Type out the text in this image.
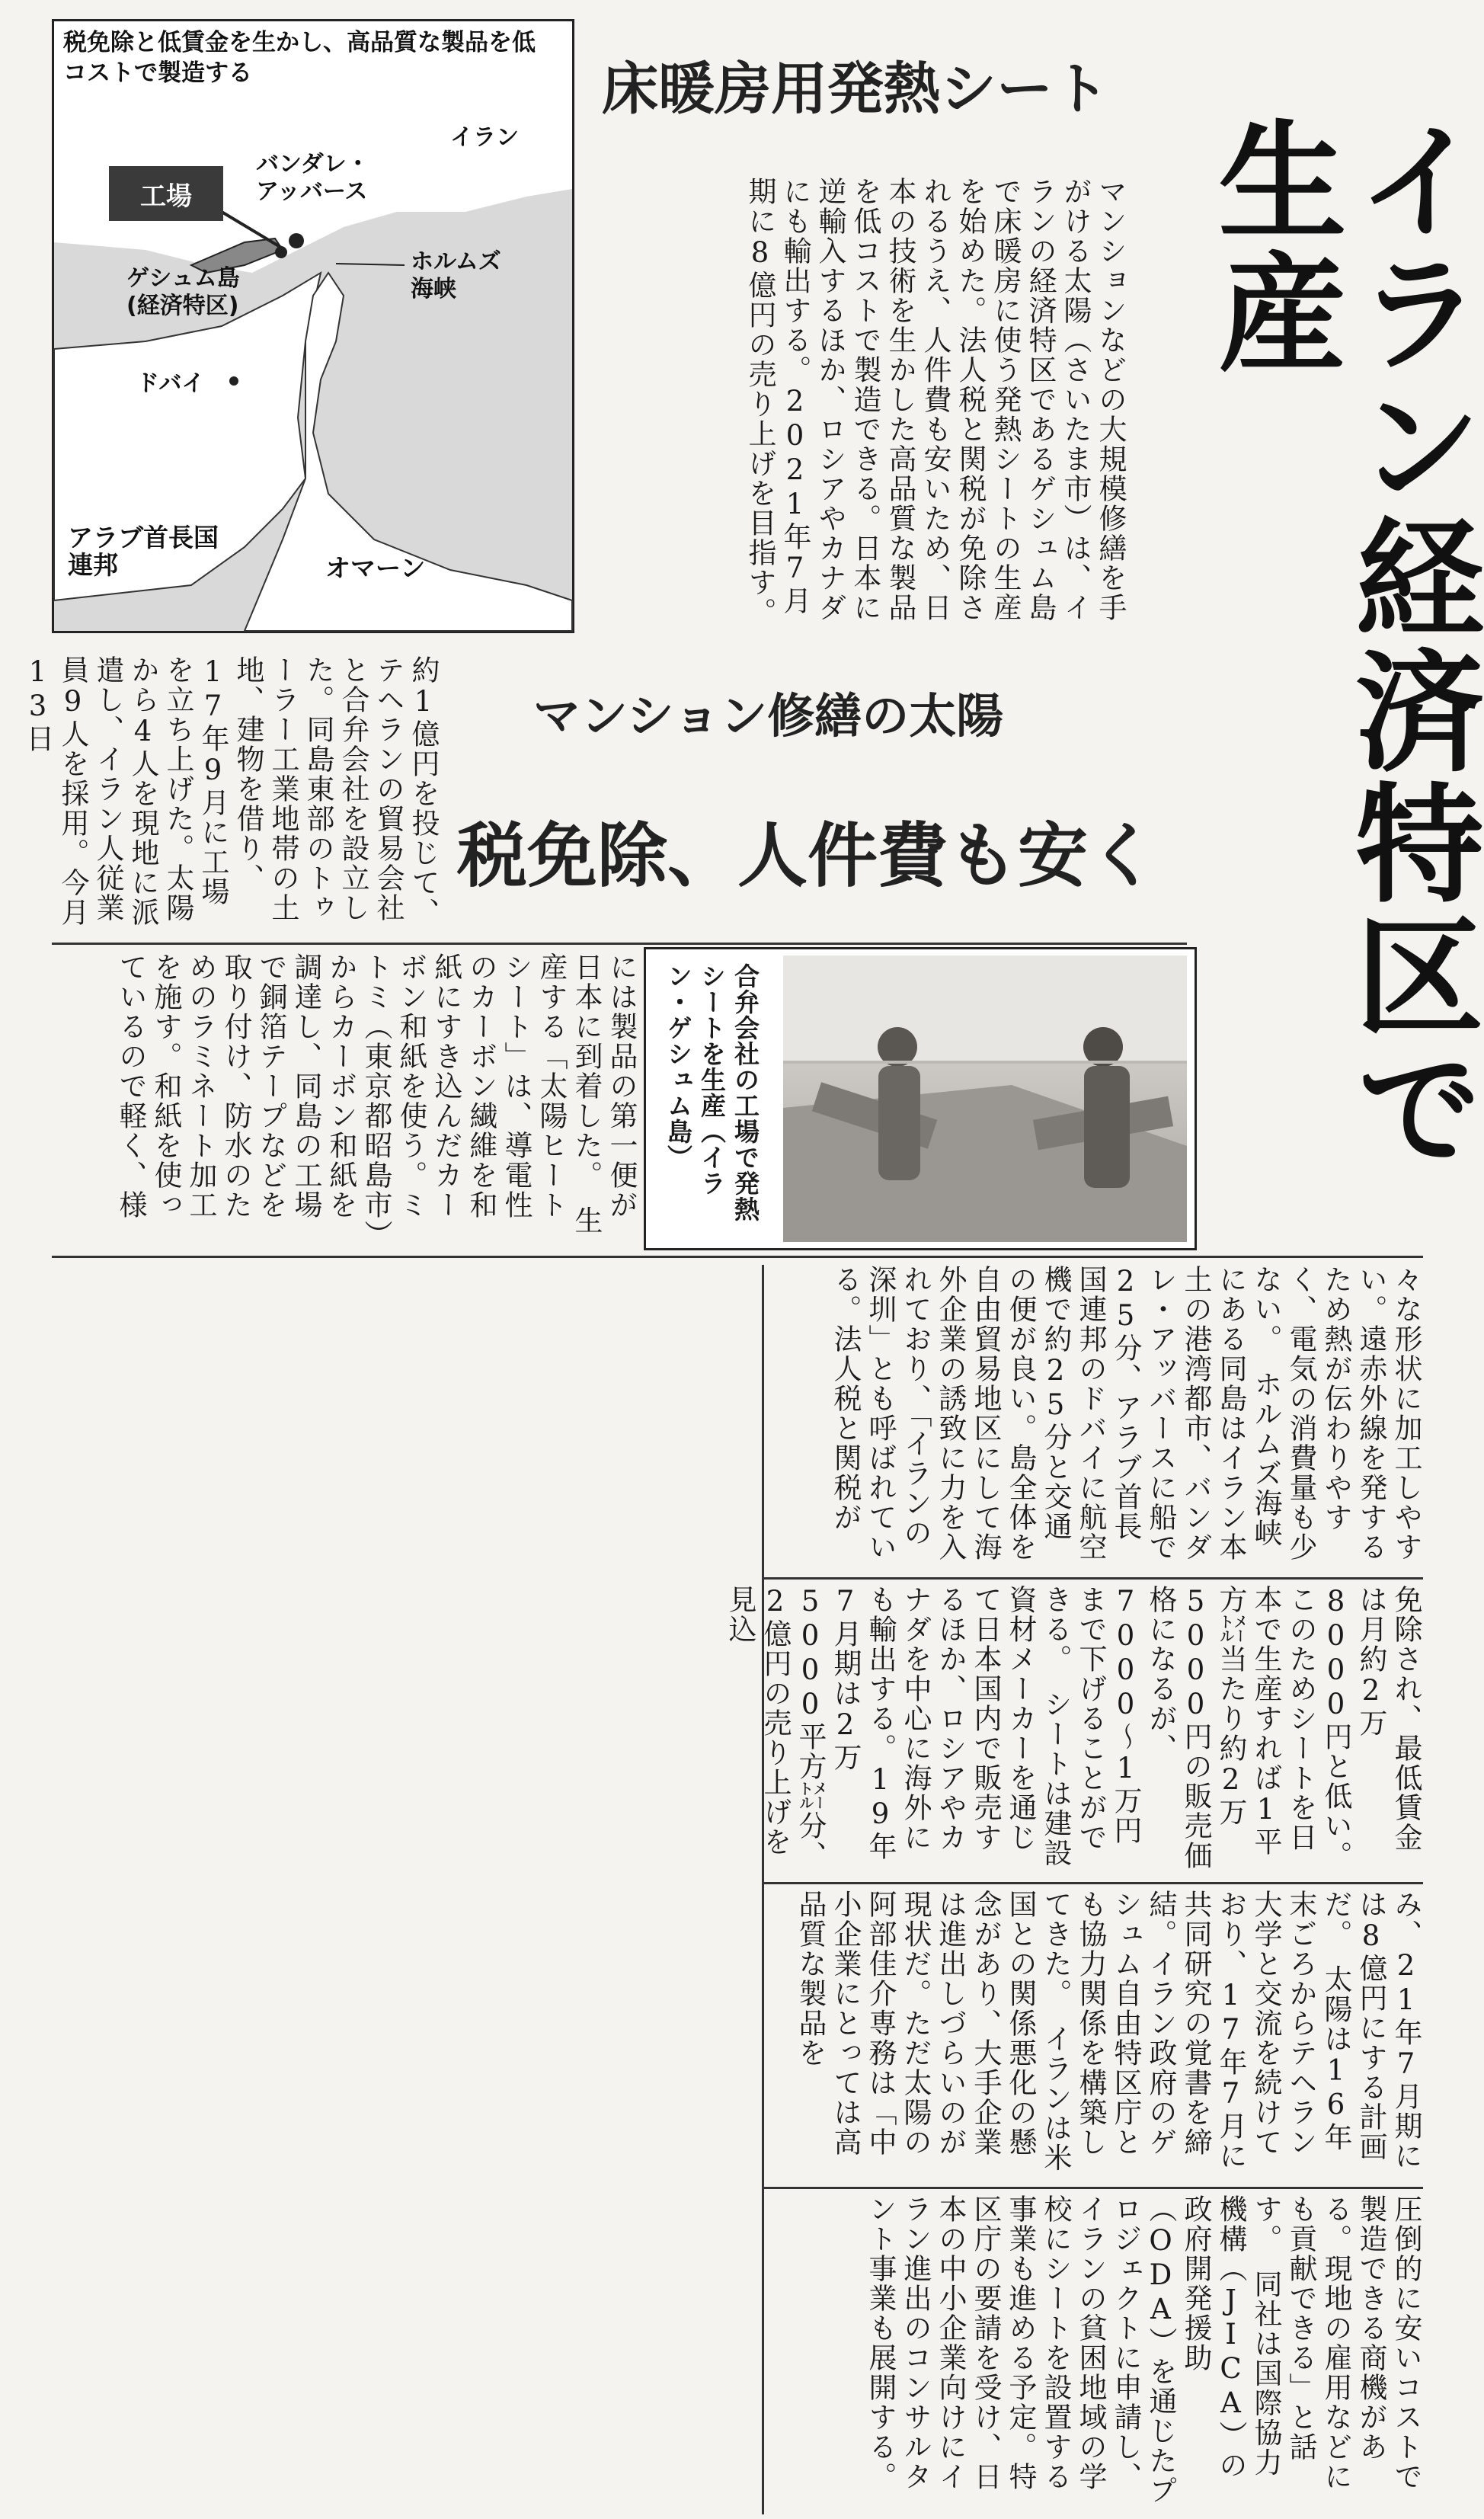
イラン経済特区で生産
床暖房用発熱シート
マンション修繕の太陽
税免除、人件費も安く
税免除と低賃金を生かし、高品質な製品を低コストで製造する
工場
イラン
バンダレ・
アッバース
ホルムズ
海峡
ゲシュム島
(経済特区)
ドバイ
アラブ首長国
連邦	オマーン	マンションなどの大規模修繕を手がける太陽（さいたま市）は、イランの経済特区であるゲシュム島で床暖房に使う発熱シートの生産を始めた。法人税と関税が免除されるうえ、人件費も安いため、日本の技術を生かした高品質な製品を低コストで製造できる。日本に逆輸入するほか、ロシアやカナダにも輸出する。2021年7月期に8億円の売り上げを目指す。
約1億円を投じて、テヘランの貿易会社と合弁会社を設立した。同島東部のトゥーラー工業地帯の土地、建物を借り、17年9月に工場を立ち上げた。太陽から4人を現地に派遣し、イラン人従業員9人を採用。今月13日
には製品の第一便が日本に到着した。　生産する「太陽ヒートシート」は、導電性のカーボン繊維を和紙にすき込んだカーボン和紙を使う。ミトミ（東京都昭島市）からカーボン和紙を調達し、同島の工場で銅箔テープなどを取り付け、防水のためのラミネート加工を施す。和紙を使っているので軽く、様	合弁会社の工場で発熱シートを生産（イラン・ゲシュム島）
々な形状に加工しやすい。遠赤外線を発するため熱が伝わりやすく、電気の消費量も少ない。　ホルムズ海峡にある同島はイラン本土の港湾都市、バンダレ・アッバースに船で25分、アラブ首長国連邦のドバイに航空機で約25分と交通の便が良い。島全体を自由貿易地区にして海外企業の誘致に力を入れており、「イランの深圳」とも呼ばれている。法人税と関税が
免除され、最低賃金は月約2万8000円と低い。このためシートを日本で生産すれば1平方㍍当たり約2万5000円の販売価格になるが、7000〜1万円まで下げることができる。　シートは建設資材メーカーを通じて日本国内で販売するほか、ロシアやカナダを中心に海外にも輸出する。19年7月期は2万5000平方㍍分、2億円の売り上げを見込
み、21年7月期には8億円にする計画だ。　太陽は16年末ごろからテヘラン大学と交流を続けており、17年7月に共同研究の覚書を締結。イラン政府のゲシュム自由特区庁とも協力関係を構築してきた。　イランは米国との関係悪化の懸念があり、大手企業は進出しづらいのが現状だ。ただ太陽の阿部佳介専務は「中小企業にとっては高品質な製品を
圧倒的に安いコストで製造できる商機がある。現地の雇用などにも貢献できる」と話す。　同社は国際協力機構（JICA）の政府開発援助（ODA）を通じたプロジェクトに申請し、イランの貧困地域の学校にシートを設置する事業も進める予定。特区庁の要請を受け、日本の中小企業向けにイラン進出のコンサルタント事業も展開する。
